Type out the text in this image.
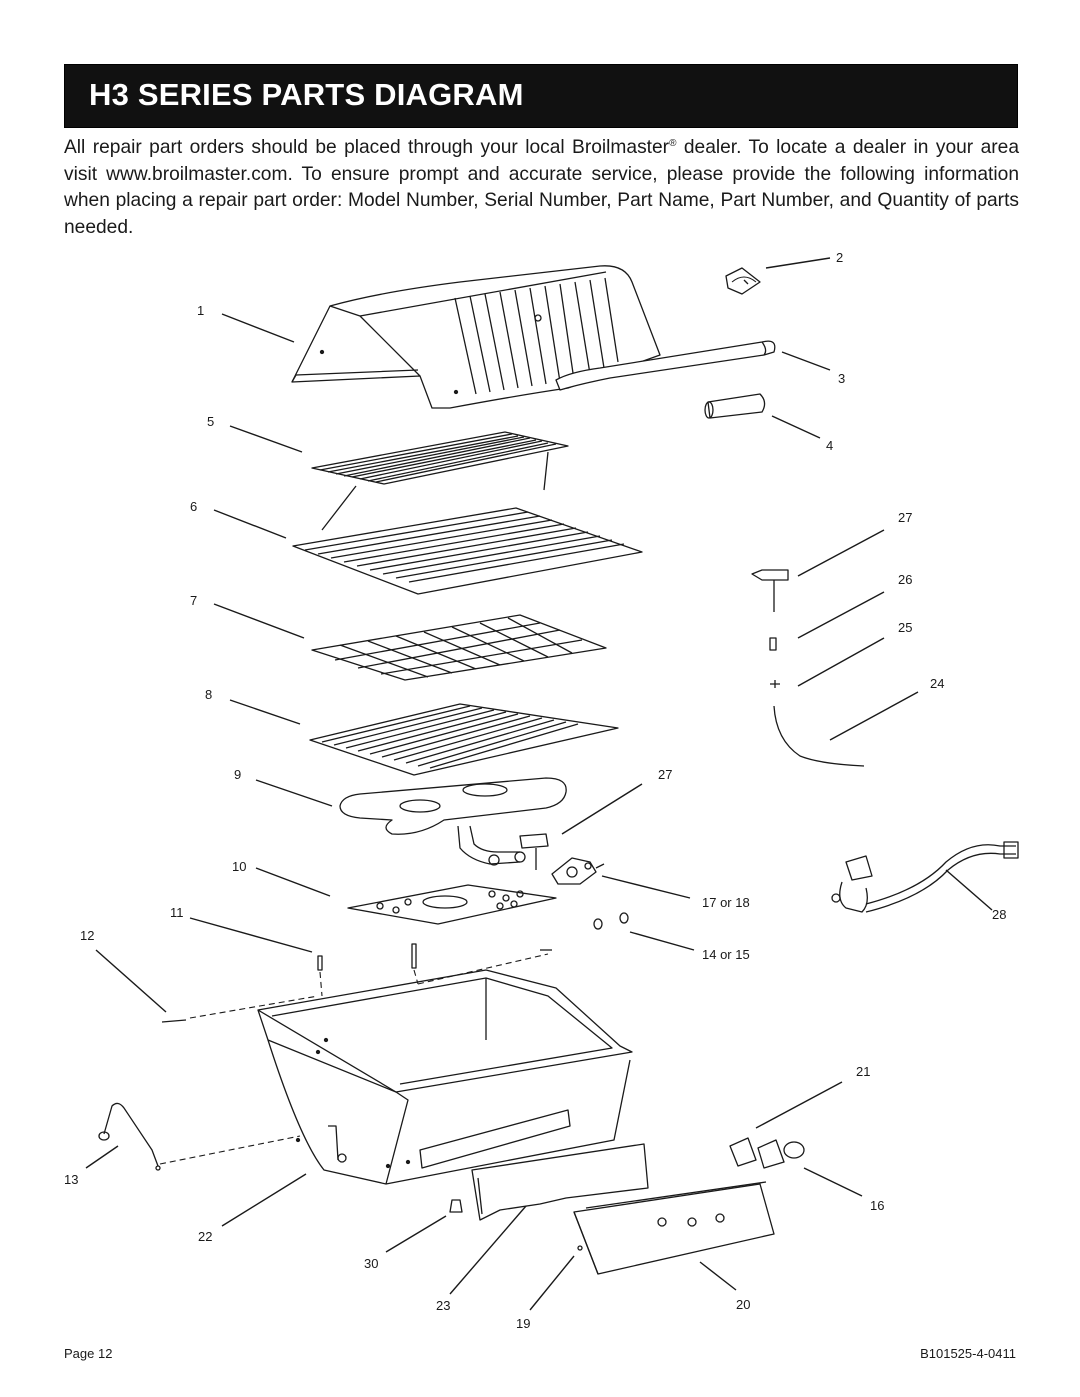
H3 SERIES PARTS DIAGRAM

All repair part orders should be placed through your local Broilmaster® dealer. To locate a dealer in your area visit www.broilmaster.com. To ensure prompt and accurate service, please provide the following information when placing a repair part order: Model Number, Serial Number, Part Name, Part Number, and Quantity of parts needed.

1
2
3
4
5
6
7
8
9
10
11
12
13
14 or 15
16
17 or 18
19
20
21
22
23
24
25
26
27
27
28
30
Page 12	B101525-4-0411
